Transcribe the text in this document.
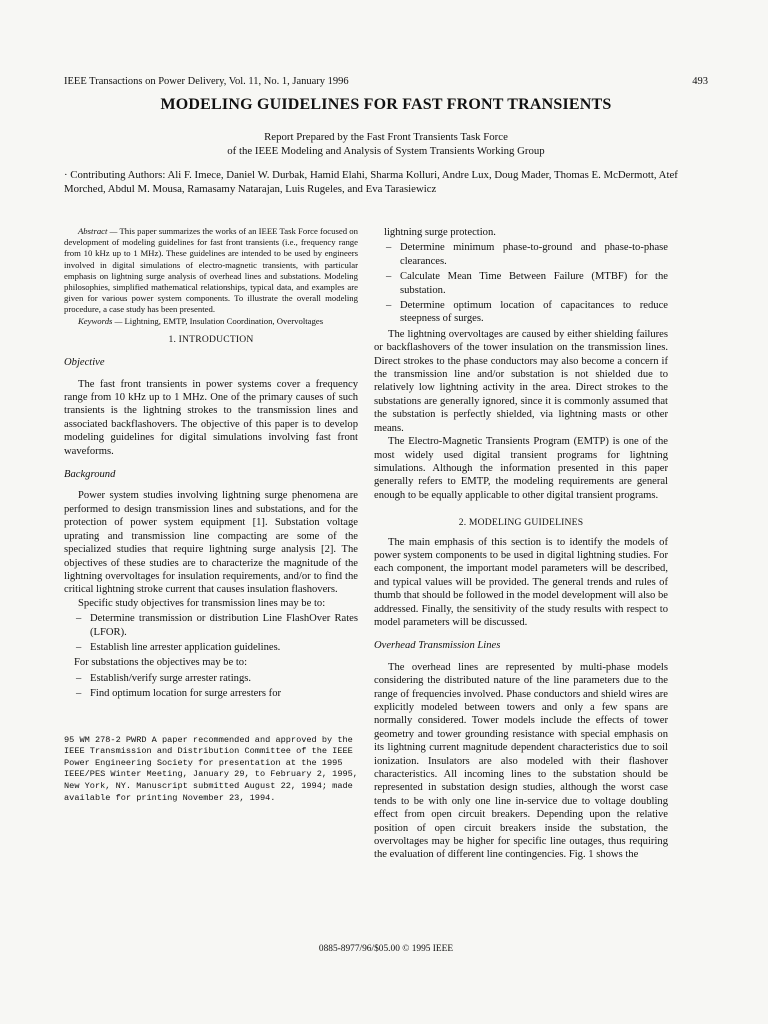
IEEE Transactions on Power Delivery, Vol. 11, No. 1, January 1996	493
MODELING GUIDELINES FOR FAST FRONT TRANSIENTS
Report Prepared by the Fast Front Transients Task Force
of the IEEE Modeling and Analysis of System Transients Working Group
· Contributing Authors: Ali F. Imece, Daniel W. Durbak, Hamid Elahi, Sharma Kolluri, Andre Lux, Doug Mader, Thomas E. McDermott, Atef Morched, Abdul M. Mousa, Ramasamy Natarajan, Luis Rugeles, and Eva Tarasiewicz

Abstract — This paper summarizes the works of an IEEE Task Force focused on development of modeling guidelines for fast front transients (i.e., frequency range from 10 kHz up to 1 MHz). These guidelines are intended to be used by engineers involved in digital simulations of electro-magnetic transients, with particular emphasis on lightning surge analysis of overhead lines and substations. Modeling philosophies, simplified mathematical relationships, typical data, and examples are given for various power system components. To illustrate the overall modeling procedure, a case study has been presented.

Keywords — Lightning, EMTP, Insulation Coordination, Overvoltages

1. INTRODUCTION

Objective

The fast front transients in power systems cover a frequency range from 10 kHz up to 1 MHz. One of the primary causes of such transients is the lightning strokes to the transmission lines and associated backflashovers. The objective of this paper is to develop modeling guidelines for digital simulations involving fast front waveforms.

Background

Power system studies involving lightning surge phenomena are performed to design transmission lines and substations, and for the protection of power system equipment [1]. Substation voltage uprating and transmission line compacting are some of the specialized studies that require lightning surge analysis [2]. The objectives of these studies are to characterize the magnitude of the lightning overvoltages for insulation requirements, and/or to find the critical lightning stroke current that causes insulation flashovers.

Specific study objectives for transmission lines may be to:

– Determine transmission or distribution Line FlashOver Rates (LFOR).
– Establish line arrester application guidelines.

For substations the objectives may be to:

– Establish/verify surge arrester ratings.
– Find optimum location for surge arresters for
95 WM 278-2 PWRD A paper recommended and approved by the IEEE Transmission and Distribution Committee of the IEEE Power Engineering Society for presentation at the 1995 IEEE/PES Winter Meeting, January 29, to February 2, 1995, New York, NY. Manuscript submitted August 22, 1994; made available for printing November 23, 1994.

lightning surge protection.

– Determine minimum phase-to-ground and phase-to-phase clearances.
– Calculate Mean Time Between Failure (MTBF) for the substation.
– Determine optimum location of capacitances to reduce steepness of surges.

The lightning overvoltages are caused by either shielding failures or backflashovers of the tower insulation on the transmission lines. Direct strokes to the phase conductors may also become a concern if the transmission line and/or substation is not shielded due to relatively low lightning activity in the area. Direct strokes to the substations are generally ignored, since it is commonly assumed that the substation is perfectly shielded, via lightning masts or other means.

The Electro-Magnetic Transients Program (EMTP) is one of the most widely used digital transient programs for lightning simulations. Although the information presented in this paper generally refers to EMTP, the modeling requirements are general enough to be equally applicable to other digital transient programs.

2. MODELING GUIDELINES

The main emphasis of this section is to identify the models of power system components to be used in digital lightning studies. For each component, the important model parameters will be described, and typical values will be provided. The general trends and rules of thumb that should be followed in the model development will also be addressed. Finally, the sensitivity of the study results with respect to model parameters will be discussed.

Overhead Transmission Lines

The overhead lines are represented by multi-phase models considering the distributed nature of the line parameters due to the range of frequencies involved. Phase conductors and shield wires are explicitly modeled between towers and only a few spans are normally considered. Tower models include the effects of tower geometry and tower grounding resistance with special emphasis on its lightning current magnitude dependent characteristics due to soil ionization. Insulators are also modeled with their flashover characteristics. All incoming lines to the substation should be represented in substation design studies, although the worst case tends to be with only one line in-service due to voltage doubling effect from open circuit breakers. Depending upon the relative position of open circuit breakers inside the substation, the overvoltages may be higher for specific line outages, thus requiring the evaluation of different line contingencies. Fig. 1 shows the

0885-8977/96/$05.00 © 1995 IEEE
